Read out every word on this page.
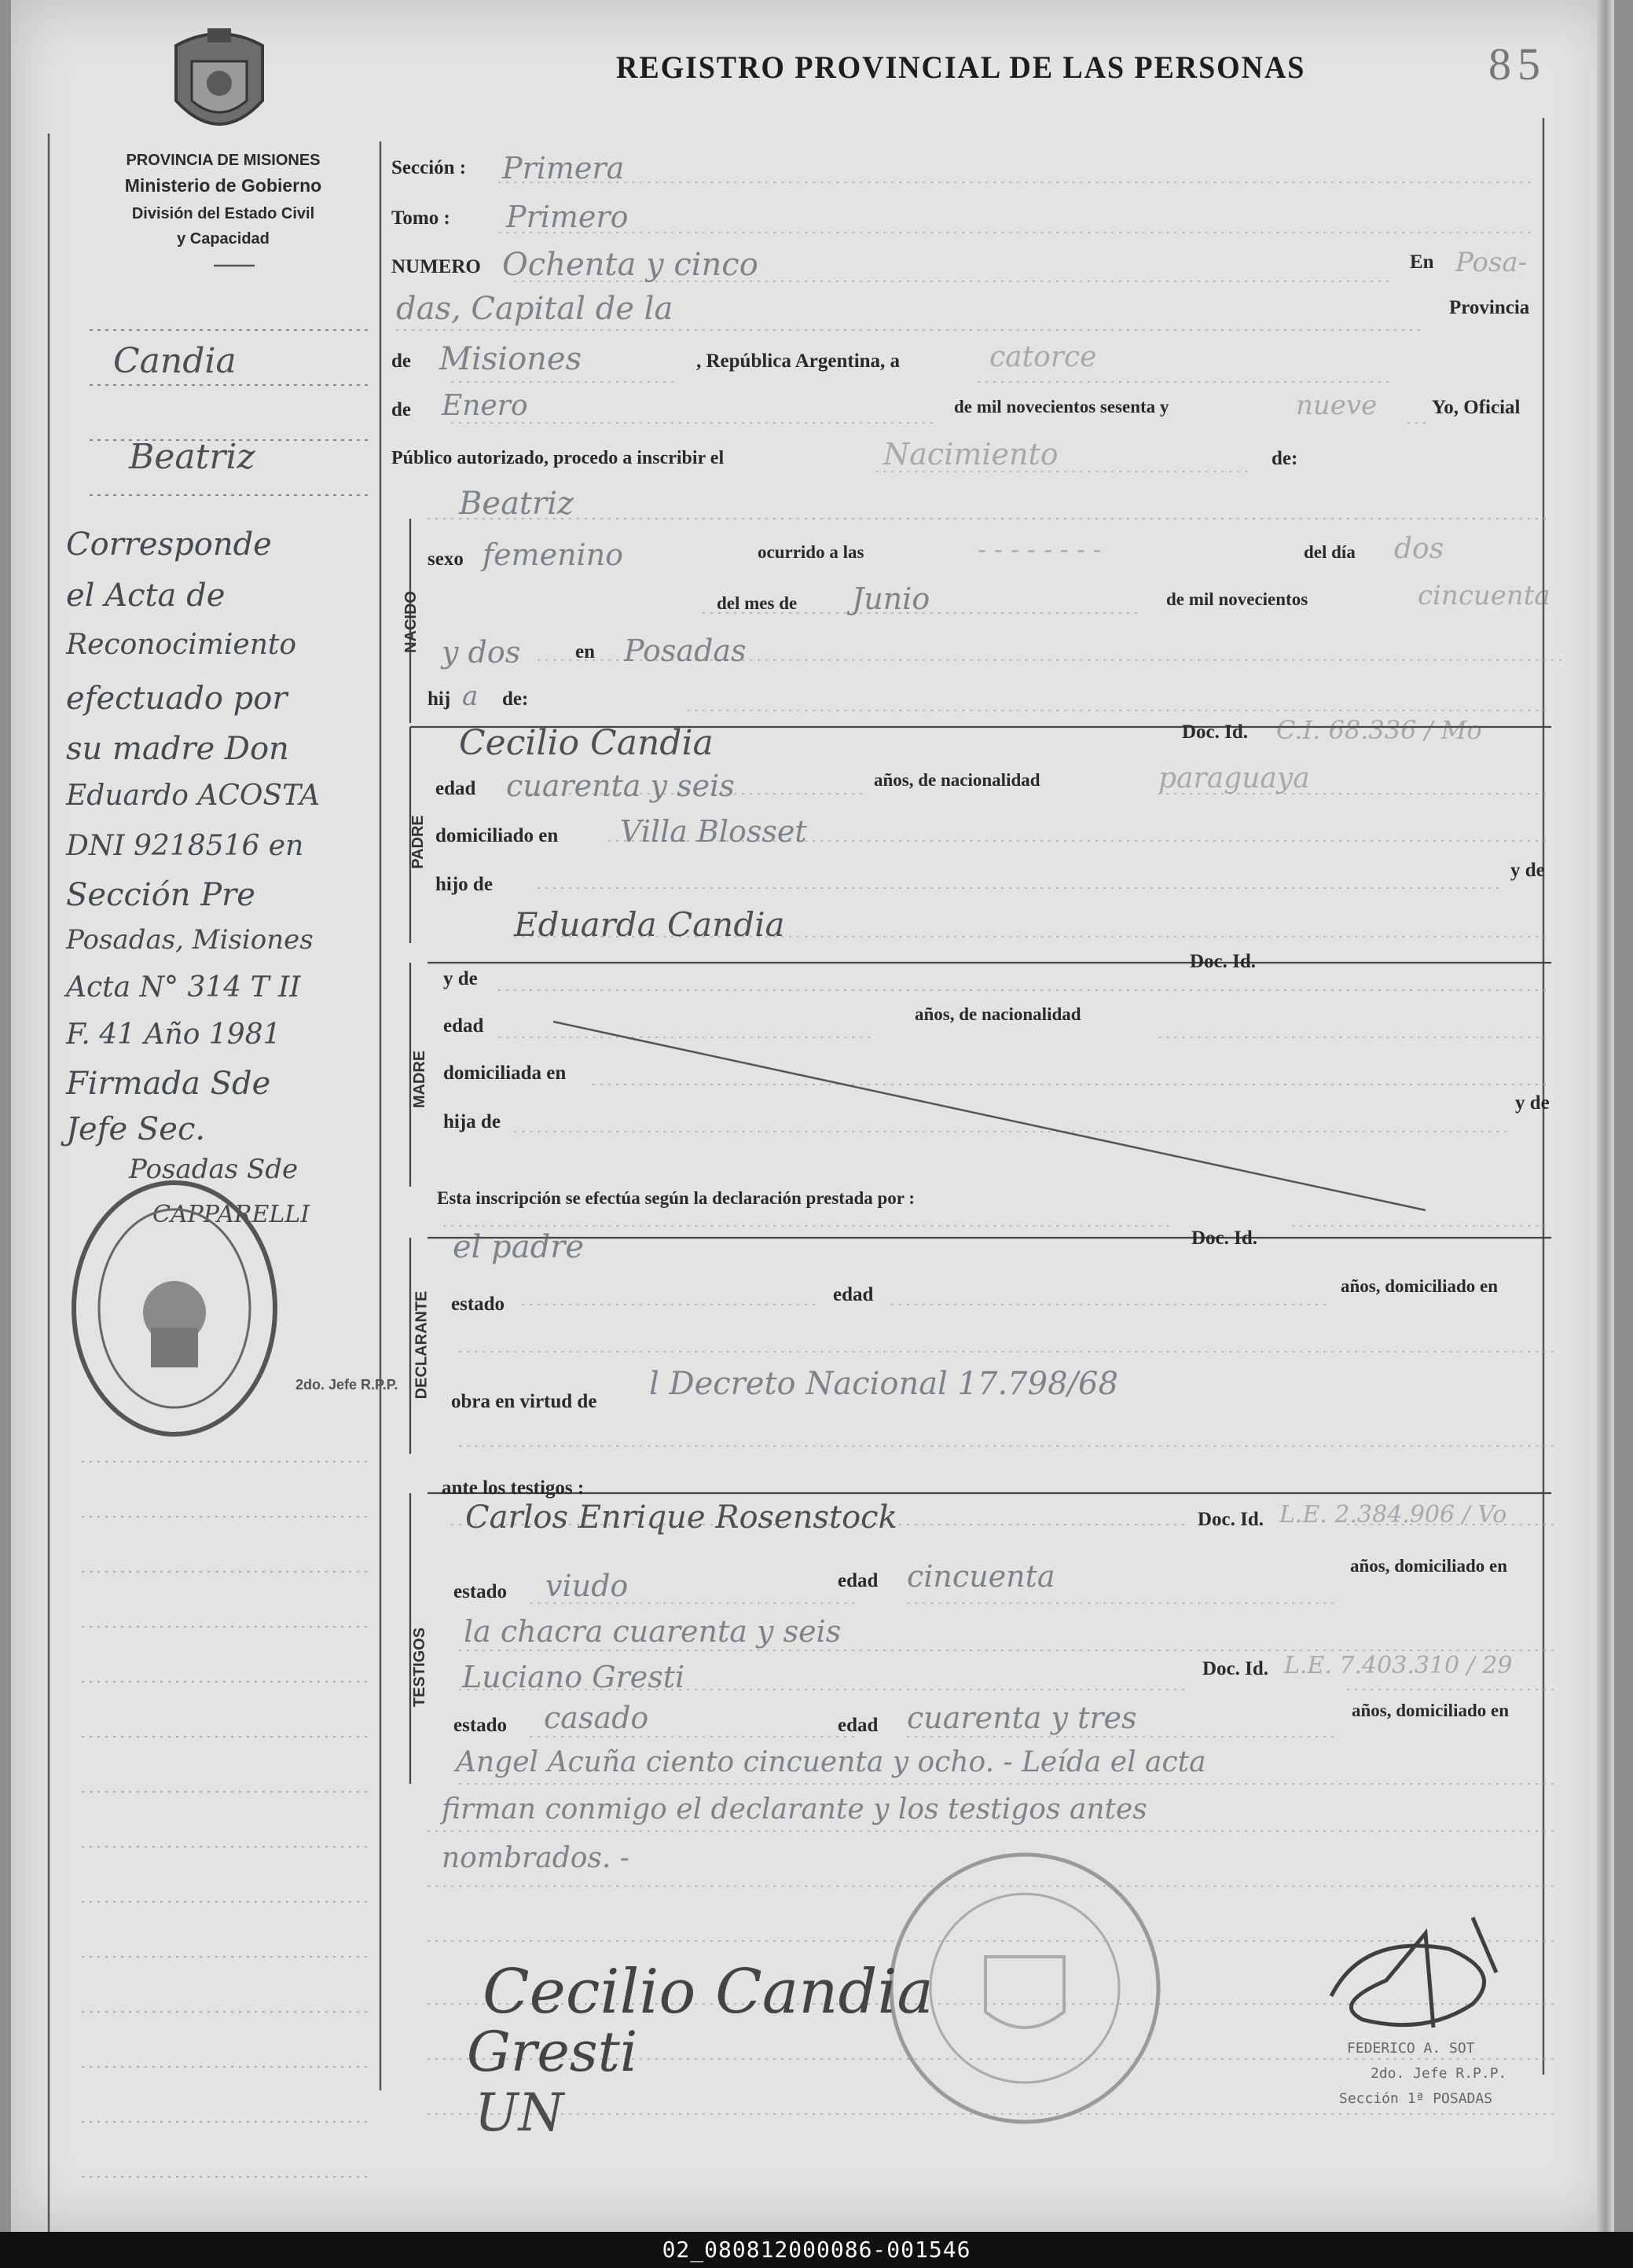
REGISTRO PROVINCIAL DE LAS PERSONAS	85
PROVINCIA DE MISIONES
Ministerio de Gobierno
División del Estado Civil
y Capacidad
Sección : Primera
Tomo : Primero
NUMERO Ochenta y cinco	En Posa-
das, Capital de la	Provincia
de Misiones	, República Argentina, a	catorce
de Enero	de mil novecientos sesenta y	nueve	Yo, Oficial
Público autorizado, procedo a inscribir el	Nacimiento	de:
NACIDO
Beatriz
sexo femenino	ocurrido a las	- - - - - - - -	del día dos
del mes de Junio	de mil novecientos	cincuenta
y dos	en Posadas
hij a de:
PADRE
Cecilio Candia	Doc. Id. C.I. 68.336 / Mo
edad cuarenta y seis	años, de nacionalidad	paraguaya
domiciliado en Villa Blosset
hijo de
y de
Eduarda Candia
MADRE
y de
Doc. Id.
edad
años, de nacionalidad
domiciliada en
hija de
y de
Esta inscripción se efectúa según la declaración prestada por :
DECLARANTE
el padre	Doc. Id.
estado	edad	años, domiciliado en
obra en virtud de l Decreto Nacional 17.798/68
ante los testigos :
TESTIGOS
Carlos Enrique Rosenstock	Doc. Id. L.E. 2.384.906 / Vo
estado viudo	edad cincuenta	años, domiciliado en
la chacra cuarenta y seis
Luciano Gresti	Doc. Id. L.E. 7.403.310 / 29
estado casado	edad cuarenta y tres	años, domiciliado en
Angel Acuña ciento cincuenta y ocho. - Leída el acta
firman conmigo el declarante y los testigos antes
nombrados. -
Candia
Beatriz
Corresponde
el Acta de
Reconocimiento
efectuado por
su madre Don
Eduardo ACOSTA
DNI 9218516 en
Sección Pre
Posadas, Misiones
Acta N° 314 T II
F. 41 Año 1981
Firmada Sde
Jefe Sec.
Posadas Sde
CAPPARELLI
2do. Jefe R.P.P.
Cecilio Candia
Gresti
UN
FEDERICO A. SOT
2do. Jefe R.P.P.
Sección 1ª POSADAS
02_080812000086-001546
